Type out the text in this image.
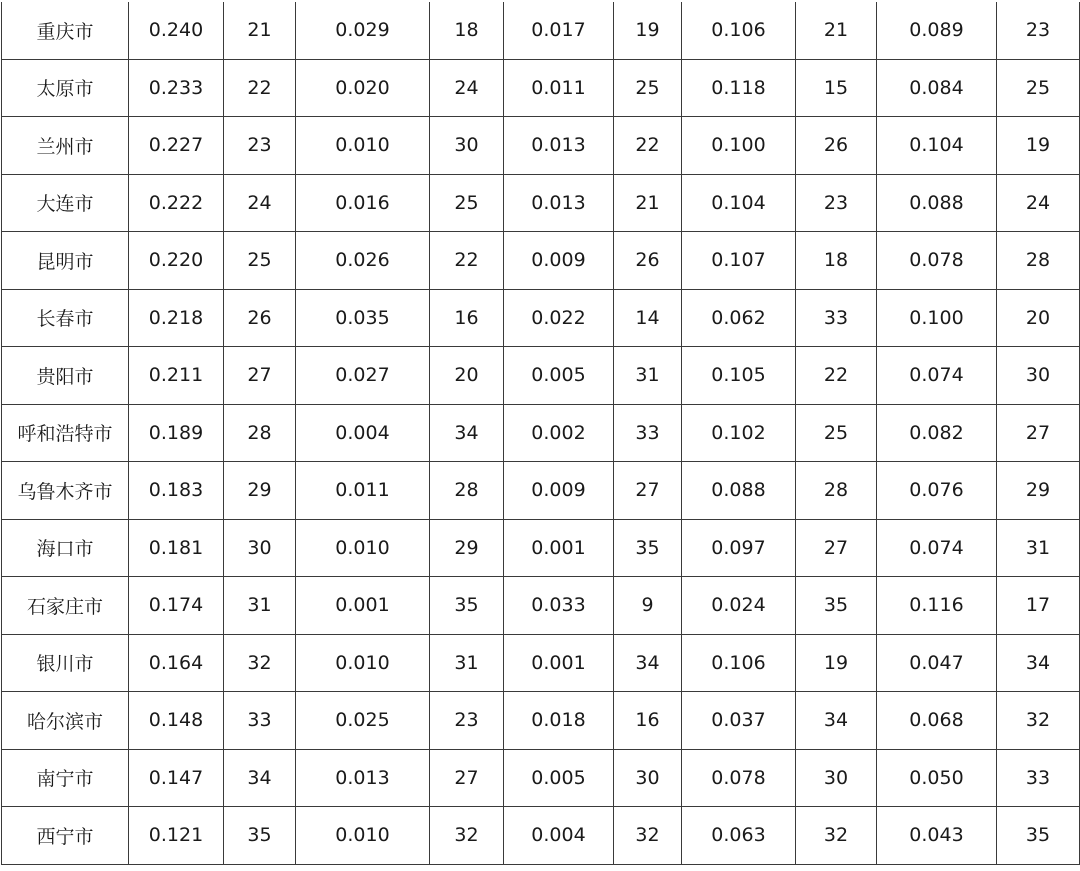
重庆市	0.240	21	0.029	18	0.017	19	0.106	21	0.089	23
太原市	0.233	22	0.020	24	0.011	25	0.118	15	0.084	25
兰州市	0.227	23	0.010	30	0.013	22	0.100	26	0.104	19
大连市	0.222	24	0.016	25	0.013	21	0.104	23	0.088	24
昆明市	0.220	25	0.026	22	0.009	26	0.107	18	0.078	28
长春市	0.218	26	0.035	16	0.022	14	0.062	33	0.100	20
贵阳市	0.211	27	0.027	20	0.005	31	0.105	22	0.074	30
呼和浩特市	0.189	28	0.004	34	0.002	33	0.102	25	0.082	27
乌鲁木齐市	0.183	29	0.011	28	0.009	27	0.088	28	0.076	29
海口市	0.181	30	0.010	29	0.001	35	0.097	27	0.074	31
石家庄市	0.174	31	0.001	35	0.033	9	0.024	35	0.116	17
银川市	0.164	32	0.010	31	0.001	34	0.106	19	0.047	34
哈尔滨市	0.148	33	0.025	23	0.018	16	0.037	34	0.068	32
南宁市	0.147	34	0.013	27	0.005	30	0.078	30	0.050	33
西宁市	0.121	35	0.010	32	0.004	32	0.063	32	0.043	35
